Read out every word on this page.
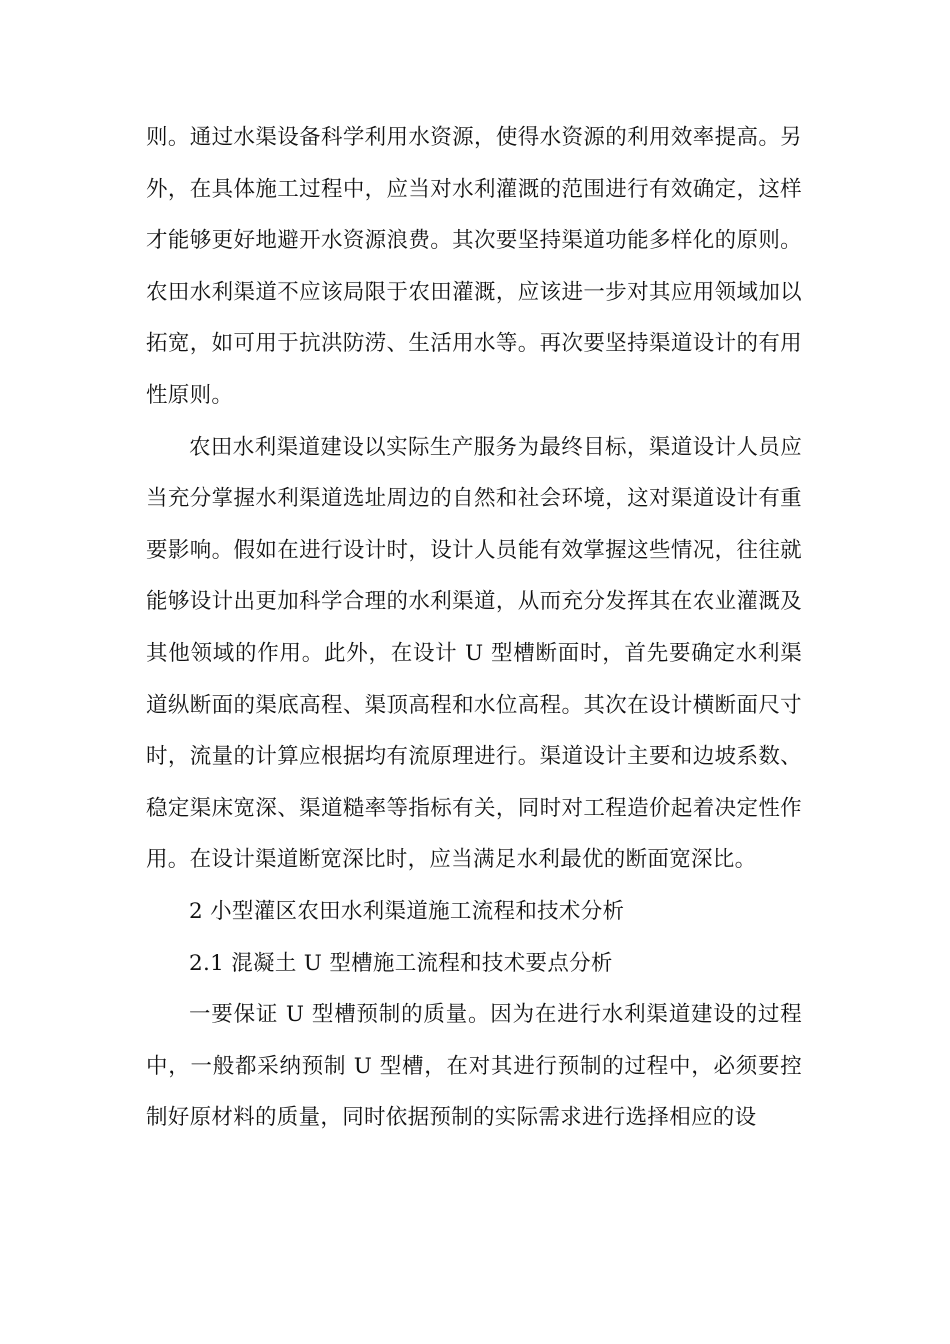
则。通过水渠设备科学利用水资源，使得水资源的利用效率提高。另外，在具体施工过程中，应当对水利灌溉的范围进行有效确定，这样才能够更好地避开水资源浪费。其次要坚持渠道功能多样化的原则。农田水利渠道不应该局限于农田灌溉，应该进一步对其应用领域加以拓宽，如可用于抗洪防涝、生活用水等。再次要坚持渠道设计的有用性原则。

农田水利渠道建设以实际生产服务为最终目标，渠道设计人员应当充分掌握水利渠道选址周边的自然和社会环境，这对渠道设计有重要影响。假如在进行设计时，设计人员能有效掌握这些情况，往往就能够设计出更加科学合理的水利渠道，从而充分发挥其在农业灌溉及其他领域的作用。此外，在设计 U 型槽断面时，首先要确定水利渠道纵断面的渠底高程、渠顶高程和水位高程。其次在设计横断面尺寸时，流量的计算应根据均有流原理进行。渠道设计主要和边坡系数、稳定渠床宽深、渠道糙率等指标有关，同时对工程造价起着决定性作用。在设计渠道断宽深比时，应当满足水利最优的断面宽深比。

2 小型灌区农田水利渠道施工流程和技术分析

2.1 混凝土 U 型槽施工流程和技术要点分析

一要保证 U 型槽预制的质量。因为在进行水利渠道建设的过程中，一般都采纳预制 U 型槽，在对其进行预制的过程中，必须要控制好原材料的质量，同时依据预制的实际需求进行选择相应的设
